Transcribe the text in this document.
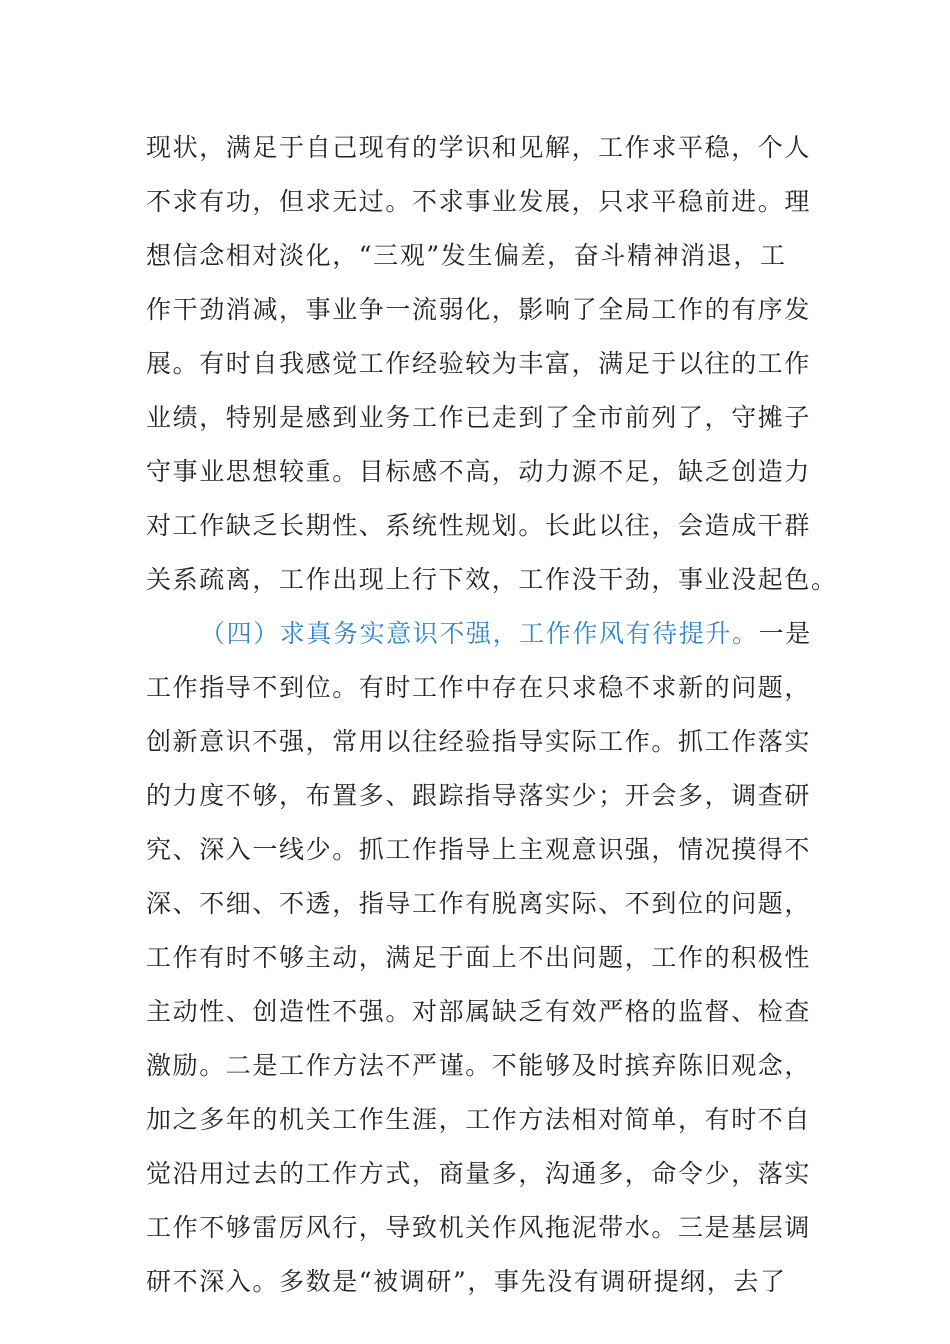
现状，满足于自己现有的学识和见解，工作求平稳，个人
不求有功，但求无过。不求事业发展，只求平稳前进。理
想信念相对淡化，“三观”发生偏差，奋斗精神消退，工
作干劲消减，事业争一流弱化，影响了全局工作的有序发
展。有时自我感觉工作经验较为丰富，满足于以往的工作
业绩，特别是感到业务工作已走到了全市前列了，守摊子
守事业思想较重。目标感不高，动力源不足，缺乏创造力
对工作缺乏长期性、系统性规划。长此以往，会造成干群
关系疏离，工作出现上行下效，工作没干劲，事业没起色。
（四）求真务实意识不强，工作作风有待提升。一是
工作指导不到位。有时工作中存在只求稳不求新的问题，
创新意识不强，常用以往经验指导实际工作。抓工作落实
的力度不够，布置多、跟踪指导落实少；开会多，调查研
究、深入一线少。抓工作指导上主观意识强，情况摸得不
深、不细、不透，指导工作有脱离实际、不到位的问题，
工作有时不够主动，满足于面上不出问题，工作的积极性
主动性、创造性不强。对部属缺乏有效严格的监督、检查
激励。二是工作方法不严谨。不能够及时摈弃陈旧观念，
加之多年的机关工作生涯，工作方法相对简单，有时不自
觉沿用过去的工作方式，商量多，沟通多，命令少，落实
工作不够雷厉风行，导致机关作风拖泥带水。三是基层调
研不深入。多数是“被调研”，事先没有调研提纲，去了
